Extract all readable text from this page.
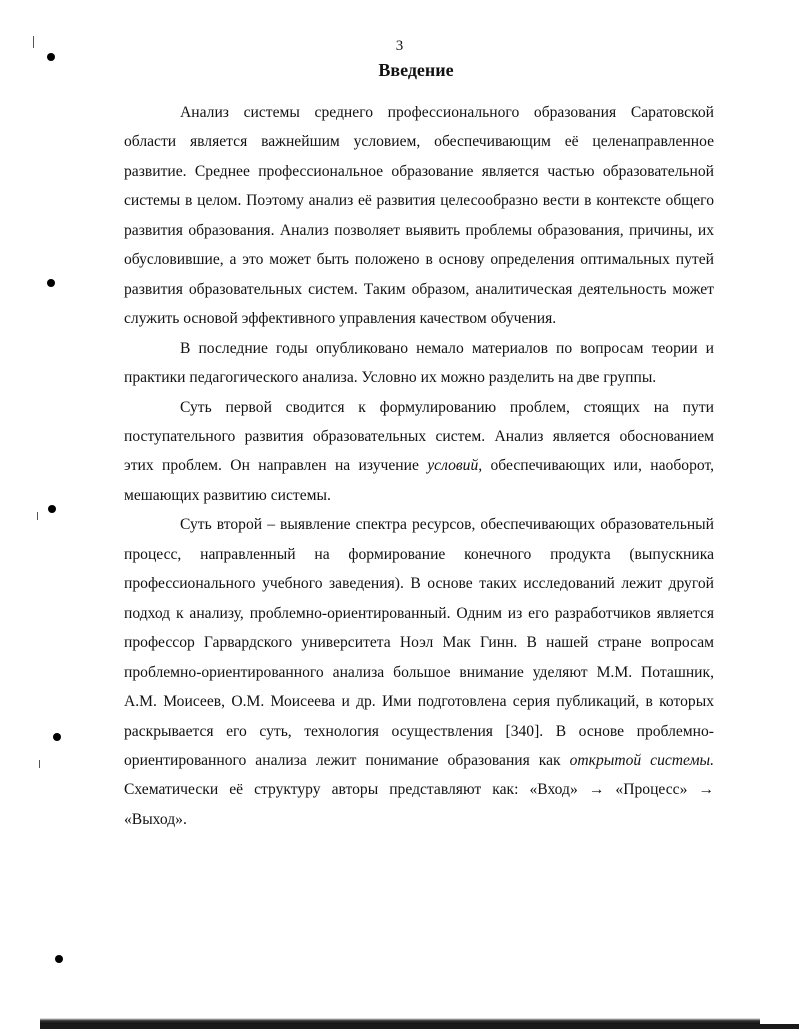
3
Введение

Анализ системы среднего профессионального образования Саратовской области является важнейшим условием, обеспечивающим её целенаправленное развитие. Среднее профессиональное образование является частью образовательной системы в целом. Поэтому анализ её развития целесообразно вести в контексте общего развития образования. Анализ позволяет выявить проблемы образования, причины, их обусловившие, а это может быть положено в основу определения оптимальных путей развития образовательных систем. Таким образом, аналитическая деятельность может служить основой эффективного управления качеством обучения.

В последние годы опубликовано немало материалов по вопросам теории и практики педагогического анализа. Условно их можно разделить на две группы.

Суть первой сводится к формулированию проблем, стоящих на пути поступательного развития образовательных систем. Анализ является обоснованием этих проблем. Он направлен на изучение условий, обеспечивающих или, наоборот, мешающих развитию системы.

Суть второй – выявление спектра ресурсов, обеспечивающих образовательный процесс, направленный на формирование конечного продукта (выпускника профессионального учебного заведения). В основе таких исследований лежит другой подход к анализу, проблемно-ориентированный. Одним из его разработчиков является профессор Гарвардского университета Ноэл Мак Гинн. В нашей стране вопросам проблемно-ориентированного анализа большое внимание уделяют М.М. Поташник, А.М. Моисеев, О.М. Моисеева и др. Ими подготовлена серия публикаций, в которых раскрывается его суть, технология осуществления [340]. В основе проблемно-ориентированного анализа лежит понимание образования как открытой системы. Схематически её структуру авторы представляют как: «Вход» → «Процесс» → «Выход».
